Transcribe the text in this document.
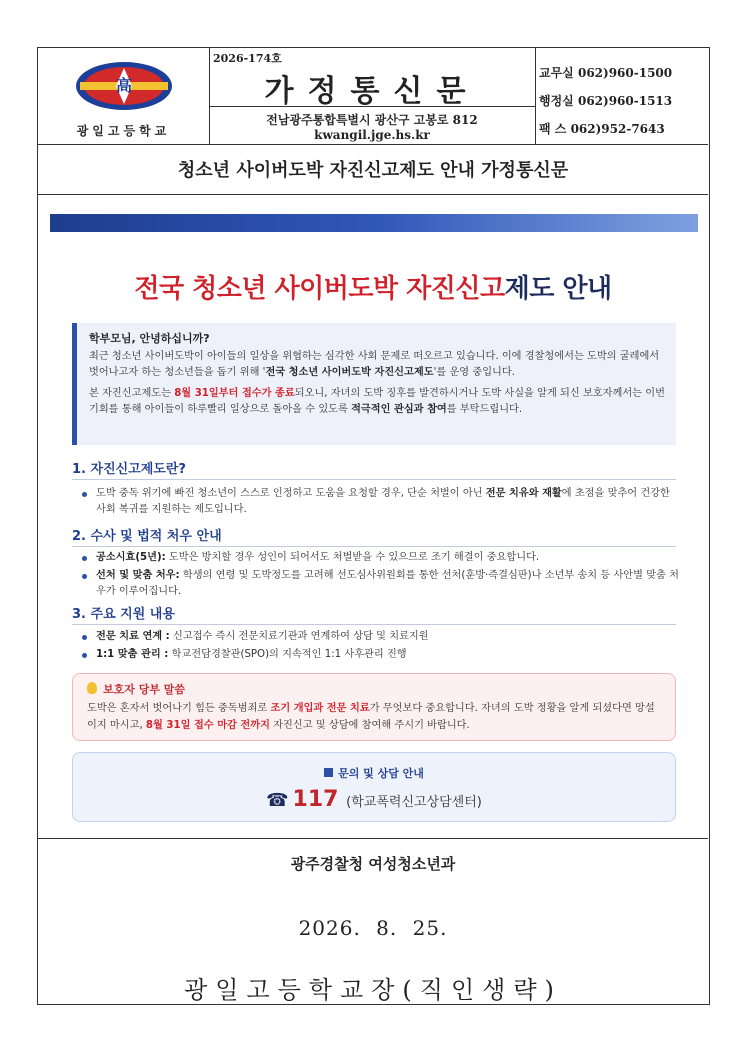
高
광일고등학교
2026-174호
가정통신문
전남광주통합특별시 광산구 고봉로 812
kwangil.jge.hs.kr
교무실 062)960-1500
행정실 062)960-1513
팩 스 062)952-7643
청소년 사이버도박 자진신고제도 안내 가정통신문
전국 청소년 사이버도박 자진신고제도 안내

학부모님, 안녕하십니까?

최근 청소년 사이버도박이 아이들의 일상을 위협하는 심각한 사회 문제로 떠오르고 있습니다. 이에 경찰청에서는 도박의 굴레에서 벗어나고자 하는 청소년들을 돕기 위해 '전국 청소년 사이버도박 자진신고제도'를 운영 중입니다.

본 자진신고제도는 8월 31일부터 접수가 종료되오니, 자녀의 도박 징후를 발견하시거나 도박 사실을 알게 되신 보호자께서는 이번 기회를 통해 아이들이 하루빨리 일상으로 돌아올 수 있도록 적극적인 관심과 참여를 부탁드립니다.

1. 자진신고제도란?
도박 중독 위기에 빠진 청소년이 스스로 인정하고 도움을 요청할 경우, 단순 처벌이 아닌 전문 치유와 재활에 초점을 맞추어 건강한 사회 복귀를 지원하는 제도입니다.
2. 수사 및 법적 처우 안내
공소시효(5년): 도박은 방치할 경우 성인이 되어서도 처벌받을 수 있으므로 조기 해결이 중요합니다.
선처 및 맞춤 처우: 학생의 연령 및 도박정도를 고려해 선도심사위원회를 통한 선처(훈방·즉결심판)나 소년부 송치 등 사안별 맞춤 처우가 이루어집니다.
3. 주요 지원 내용
전문 치료 연계 : 신고접수 즉시 전문치료기관과 연계하여 상담 및 치료지원
1:1 맞춤 관리 : 학교전담경찰관(SPO)의 지속적인 1:1 사후관리 진행
보호자 당부 말씀
도박은 혼자서 벗어나기 힘든 중독범죄로 조기 개입과 전문 치료가 무엇보다 중요합니다. 자녀의 도박 정황을 알게 되셨다면 망설이지 마시고, 8월 31일 접수 마감 전까지 자진신고 및 상담에 참여해 주시기 바랍니다.
문의 및 상담 안내
☎ 117 (학교폭력신고상담센터)
광주경찰청 여성청소년과
2026. 8. 25.
광일고등학교장(직인생략)
